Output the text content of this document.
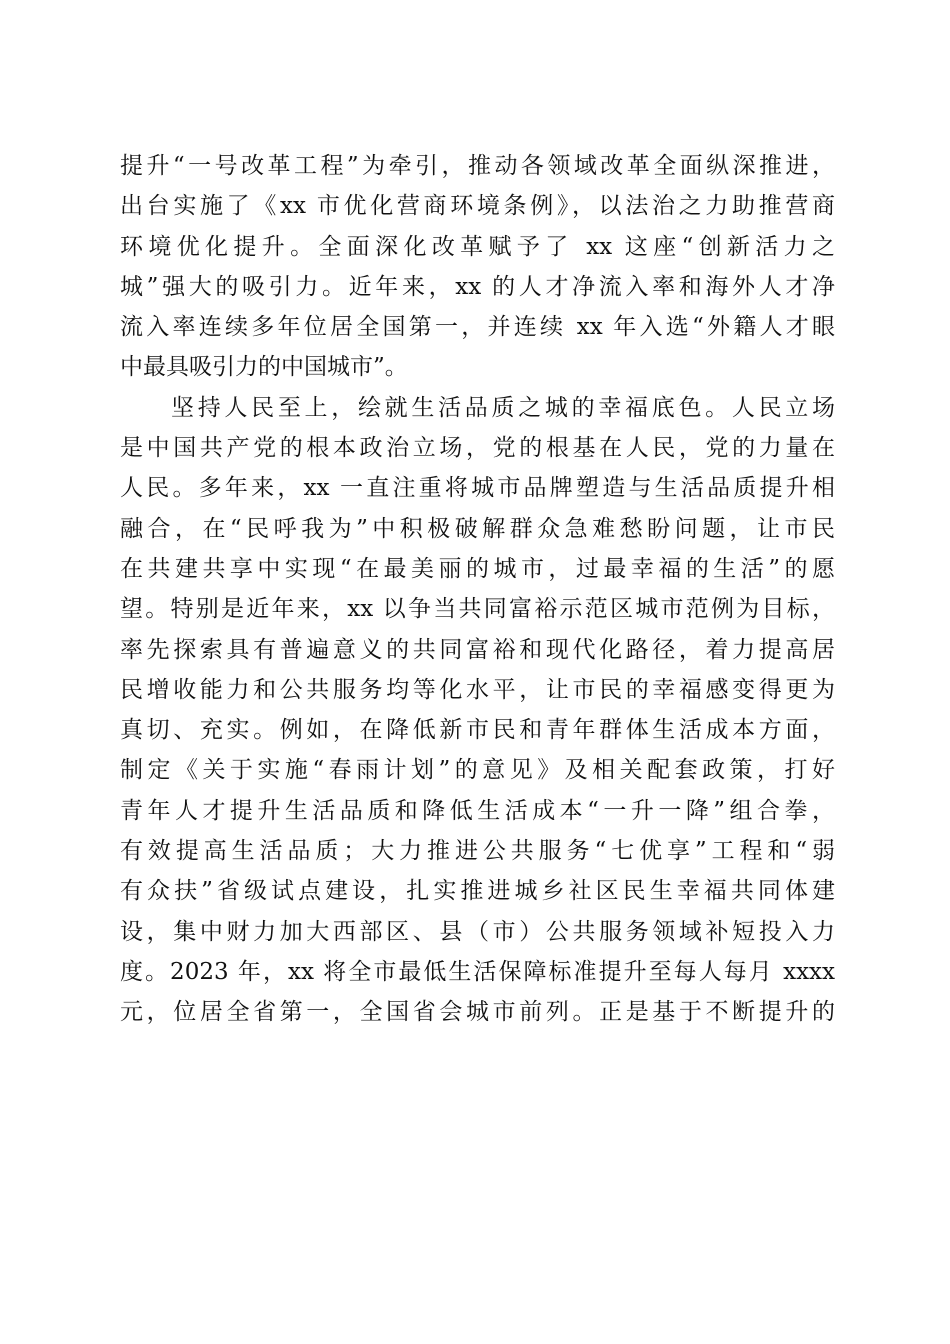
提升“一号改革工程”为牵引，推动各领域改革全面纵深推进，
出台实施了《xx 市优化营商环境条例》，以法治之力助推营商
环境优化提升。全面深化改革赋予了 xx 这座“创新活力之
城”强大的吸引力。近年来，xx 的人才净流入率和海外人才净
流入率连续多年位居全国第一，并连续 xx 年入选“外籍人才眼
中最具吸引力的中国城市”。
坚持人民至上，绘就生活品质之城的幸福底色。人民立场
是中国共产党的根本政治立场，党的根基在人民，党的力量在
人民。多年来，xx 一直注重将城市品牌塑造与生活品质提升相
融合，在“民呼我为”中积极破解群众急难愁盼问题，让市民
在共建共享中实现“在最美丽的城市，过最幸福的生活”的愿
望。特别是近年来，xx 以争当共同富裕示范区城市范例为目标，
率先探索具有普遍意义的共同富裕和现代化路径，着力提高居
民增收能力和公共服务均等化水平，让市民的幸福感变得更为
真切、充实。例如，在降低新市民和青年群体生活成本方面，
制定《关于实施“春雨计划”的意见》及相关配套政策，打好
青年人才提升生活品质和降低生活成本“一升一降”组合拳，
有效提高生活品质；大力推进公共服务“七优享”工程和“弱
有众扶”省级试点建设，扎实推进城乡社区民生幸福共同体建
设，集中财力加大西部区、县（市）公共服务领域补短投入力
度。2023 年，xx 将全市最低生活保障标准提升至每人每月 xxxx
元，位居全省第一，全国省会城市前列。正是基于不断提升的
